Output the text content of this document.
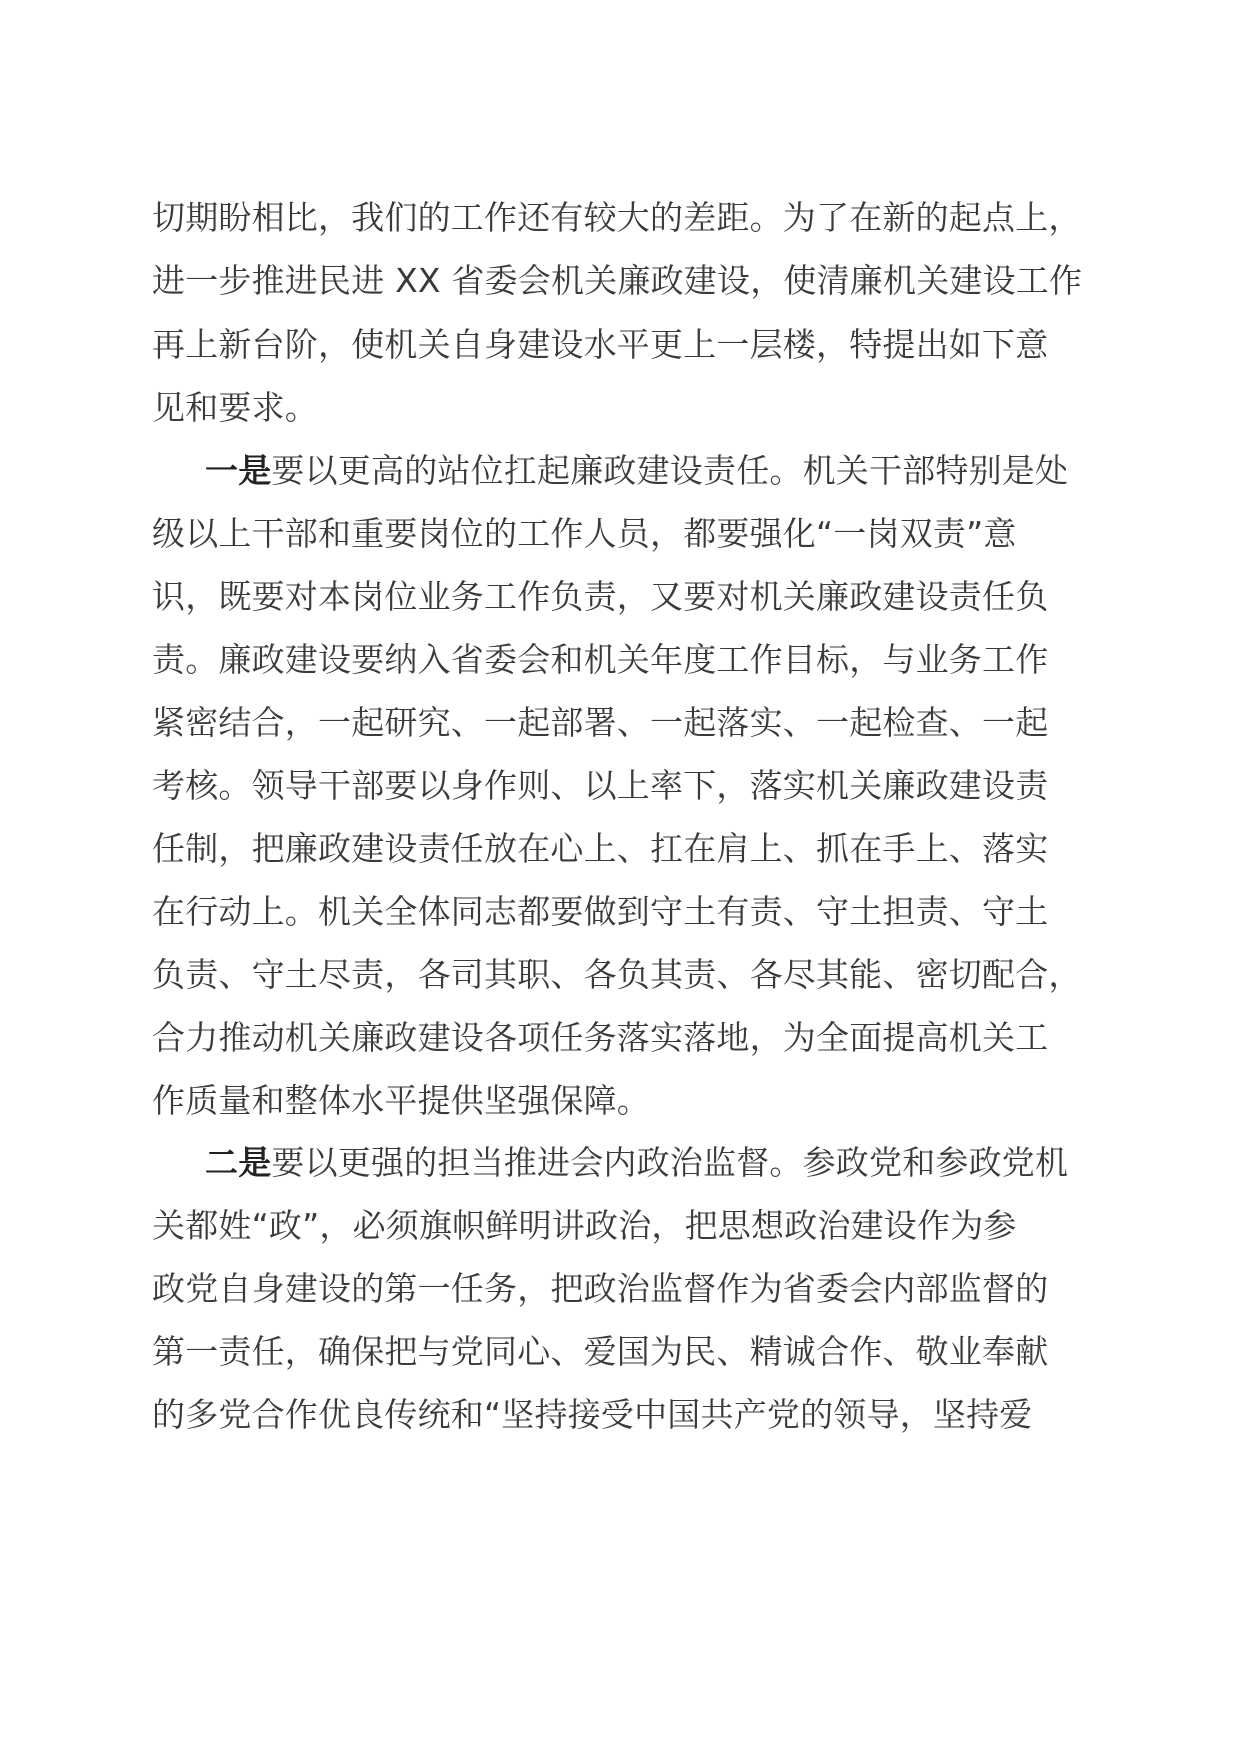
切期盼相比，我们的工作还有较大的差距。为了在新的起点上，
进一步推进民进 XX 省委会机关廉政建设，使清廉机关建设工作
再上新台阶，使机关自身建设水平更上一层楼，特提出如下意
见和要求。
一是要以更高的站位扛起廉政建设责任。机关干部特别是处
级以上干部和重要岗位的工作人员，都要强化“一岗双责”意
识，既要对本岗位业务工作负责，又要对机关廉政建设责任负
责。廉政建设要纳入省委会和机关年度工作目标，与业务工作
紧密结合，一起研究、一起部署、一起落实、一起检查、一起
考核。领导干部要以身作则、以上率下，落实机关廉政建设责
任制，把廉政建设责任放在心上、扛在肩上、抓在手上、落实
在行动上。机关全体同志都要做到守土有责、守土担责、守土
负责、守土尽责，各司其职、各负其责、各尽其能、密切配合，
合力推动机关廉政建设各项任务落实落地，为全面提高机关工
作质量和整体水平提供坚强保障。
二是要以更强的担当推进会内政治监督。参政党和参政党机
关都姓“政”，必须旗帜鲜明讲政治，把思想政治建设作为参
政党自身建设的第一任务，把政治监督作为省委会内部监督的
第一责任，确保把与党同心、爱国为民、精诚合作、敬业奉献
的多党合作优良传统和“坚持接受中国共产党的领导，坚持爱
